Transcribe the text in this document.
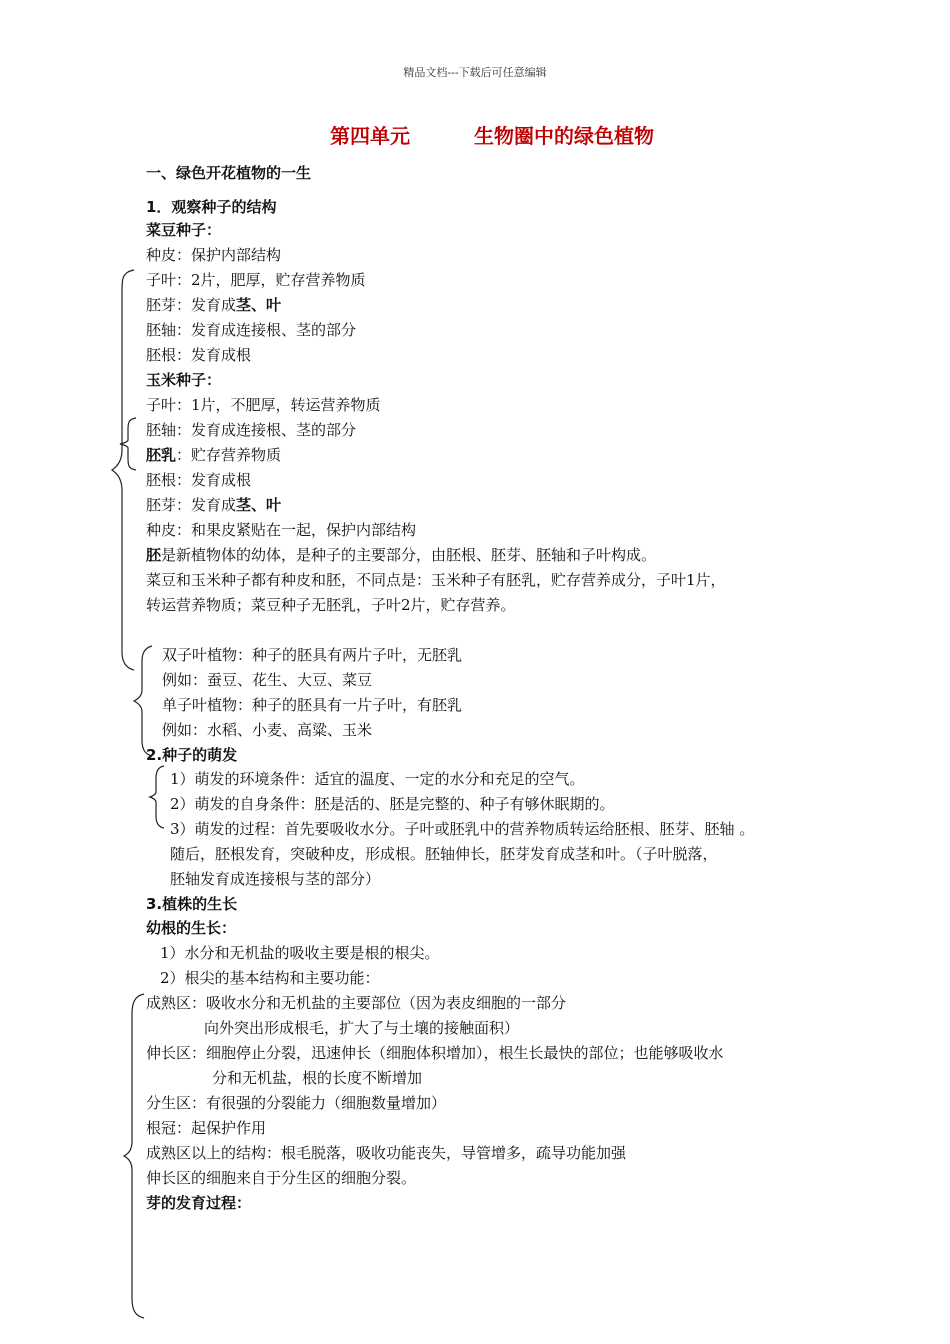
精品文档---下载后可任意编辑
第四单元	生物圈中的绿色植物
一、绿色开花植物的一生
1．观察种子的结构
菜豆种子：
种皮：保护内部结构
子叶：2片，肥厚，贮存营养物质
胚芽：发育成茎、叶
胚轴：发育成连接根、茎的部分
胚根：发育成根
玉米种子：
子叶：1片，不肥厚，转运营养物质
胚轴：发育成连接根、茎的部分
胚乳：贮存营养物质
胚根：发育成根
胚芽：发育成茎、叶
种皮：和果皮紧贴在一起，保护内部结构
胚是新植物体的幼体，是种子的主要部分，由胚根、胚芽、胚轴和子叶构成。
菜豆和玉米种子都有种皮和胚，不同点是：玉米种子有胚乳，贮存营养成分，子叶1片，
转运营养物质；菜豆种子无胚乳，子叶2片，贮存营养。
双子叶植物：种子的胚具有两片子叶，无胚乳
例如：蚕豆、花生、大豆、菜豆
单子叶植物：种子的胚具有一片子叶，有胚乳
例如：水稻、小麦、高粱、玉米
2.种子的萌发
1）萌发的环境条件：适宜的温度、一定的水分和充足的空气。
2）萌发的自身条件：胚是活的、胚是完整的、种子有够休眠期的。
3）萌发的过程：首先要吸收水分。子叶或胚乳中的营养物质转运给胚根、胚芽、胚轴 。
随后，胚根发育，突破种皮，形成根。胚轴伸长，胚芽发育成茎和叶。（子叶脱落，
胚轴发育成连接根与茎的部分）
3.植株的生长
幼根的生长：
1）水分和无机盐的吸收主要是根的根尖。
2）根尖的基本结构和主要功能：
成熟区：吸收水分和无机盐的主要部位（因为表皮细胞的一部分
向外突出形成根毛，扩大了与土壤的接触面积）
伸长区：细胞停止分裂，迅速伸长（细胞体积增加），根生长最快的部位；也能够吸收水
分和无机盐，根的长度不断增加
分生区：有很强的分裂能力（细胞数量增加）
根冠：起保护作用
成熟区以上的结构：根毛脱落，吸收功能丧失，导管增多，疏导功能加强
伸长区的细胞来自于分生区的细胞分裂。
芽的发育过程：
